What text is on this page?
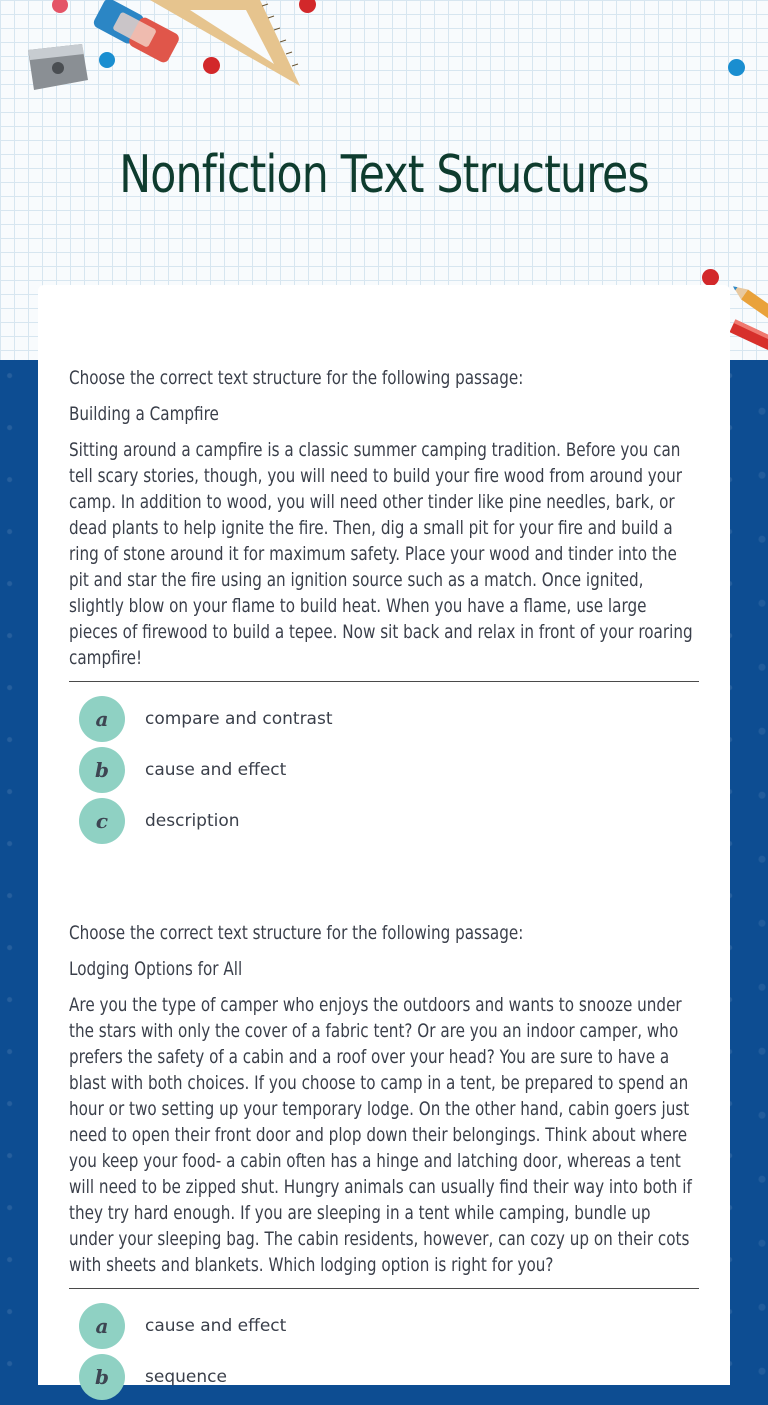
Nonfiction Text Structures

Choose the correct text structure for the following passage:

Building a Campfire

Sitting around a campfire is a classic summer camping tradition. Before you can tell scary stories, though, you will need to build your fire wood from around your camp. In addition to wood, you will need other tinder like pine needles, bark, or dead plants to help ignite the fire. Then, dig a small pit for your fire and build a ring of stone around it for maximum safety. Place your wood and tinder into the pit and star the fire using an ignition source such as a match. Once ignited, slightly blow on your flame to build heat. When you have a flame, use large pieces of firewood to build a tepee. Now sit back and relax in front of your roaring campfire!
a	compare and contrast
b	cause and effect
c	description

Choose the correct text structure for the following passage:

Lodging Options for All

Are you the type of camper who enjoys the outdoors and wants to snooze under the stars with only the cover of a fabric tent? Or are you an indoor camper, who prefers the safety of a cabin and a roof over your head? You are sure to have a blast with both choices. If you choose to camp in a tent, be prepared to spend an hour or two setting up your temporary lodge. On the other hand, cabin goers just need to open their front door and plop down their belongings. Think about where you keep your food- a cabin often has a hinge and latching door, whereas a tent will need to be zipped shut. Hungry animals can usually find their way into both if they try hard enough. If you are sleeping in a tent while camping, bundle up under your sleeping bag. The cabin residents, however, can cozy up on their cots with sheets and blankets. Which lodging option is right for you?
a	cause and effect
b	sequence
